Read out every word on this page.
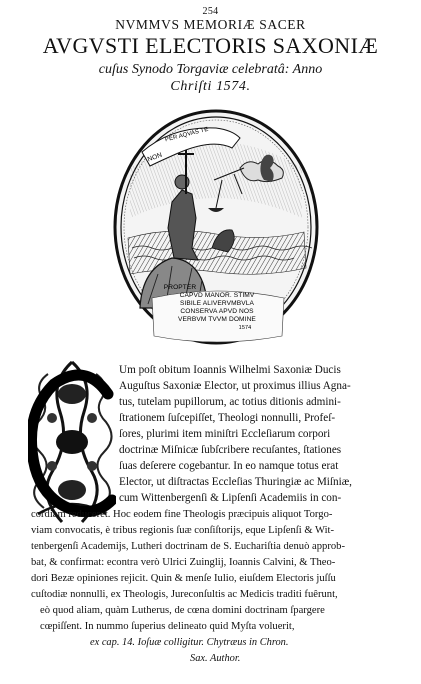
254
NVMMVS MEMORIÆ SACER
AVGVSTI ELECTORIS SAXONIÆ
cuſus Synodo Torgaviæ celebratâ: Anno
Chriſti 1574.
PER AQVAS TE
NON
PROPTER
CAPVD MANOR. STIMV
SIBILE ALIVERVMBVLA
CONSERVA APVD NOS
VERBVM TVVM DOMINE
1574
Um poſt obitum Ioannis Wilhelmi Saxoniæ Ducis
Auguſtus Saxoniæ Elector, ut proximus illius Agna-
tus, tutelam pupillorum, ac totius ditionis admini-
ſtrationem ſuſcepiſſet, Theologi nonnulli, Profeſ-
ſores, plurimi item miniſtri Eccleſiarum corpori
doctrinæ Miſnicæ ſubſcribere recuſantes, ſtationes
ſuas deſerere cogebantur. In eo namque totus erat
Elector, ut diſtractas Eccleſias Thuringiæ ac Miſniæ,
cum Wittenbergenſi & Lipſenſi Academiis in con-
cordiam reduceret. Hoc eodem fine Theologis præcipuis aliquot Torgo-
viam convocatis, è tribus regionis ſuæ conſiſtorijs, eque Lipſenſi & Wit-
tenbergenſi Academijs, Lutheri doctrinam de S. Euchariſtia denuò approb-
bat, & confirmat: econtra verò Ulrici Zuinglij, Ioannis Calvini, & Theo-
dori Bezæ opiniones rejicit. Quin & menſe Iulio, eiuſdem Electoris juſſu
cuſtodiæ nonnulli, ex Theologis, Jureconſultis ac Medicis traditi fuêrunt,
eò quod aliam, quàm Lutherus, de cœna domini doctrinam ſpargere
cœpiſſent. In nummo ſuperius delineato quid Myſta voluerit,
ex cap. 14. Ioſuæ colligitur. Chytræus in Chron.
Sax. Author.
